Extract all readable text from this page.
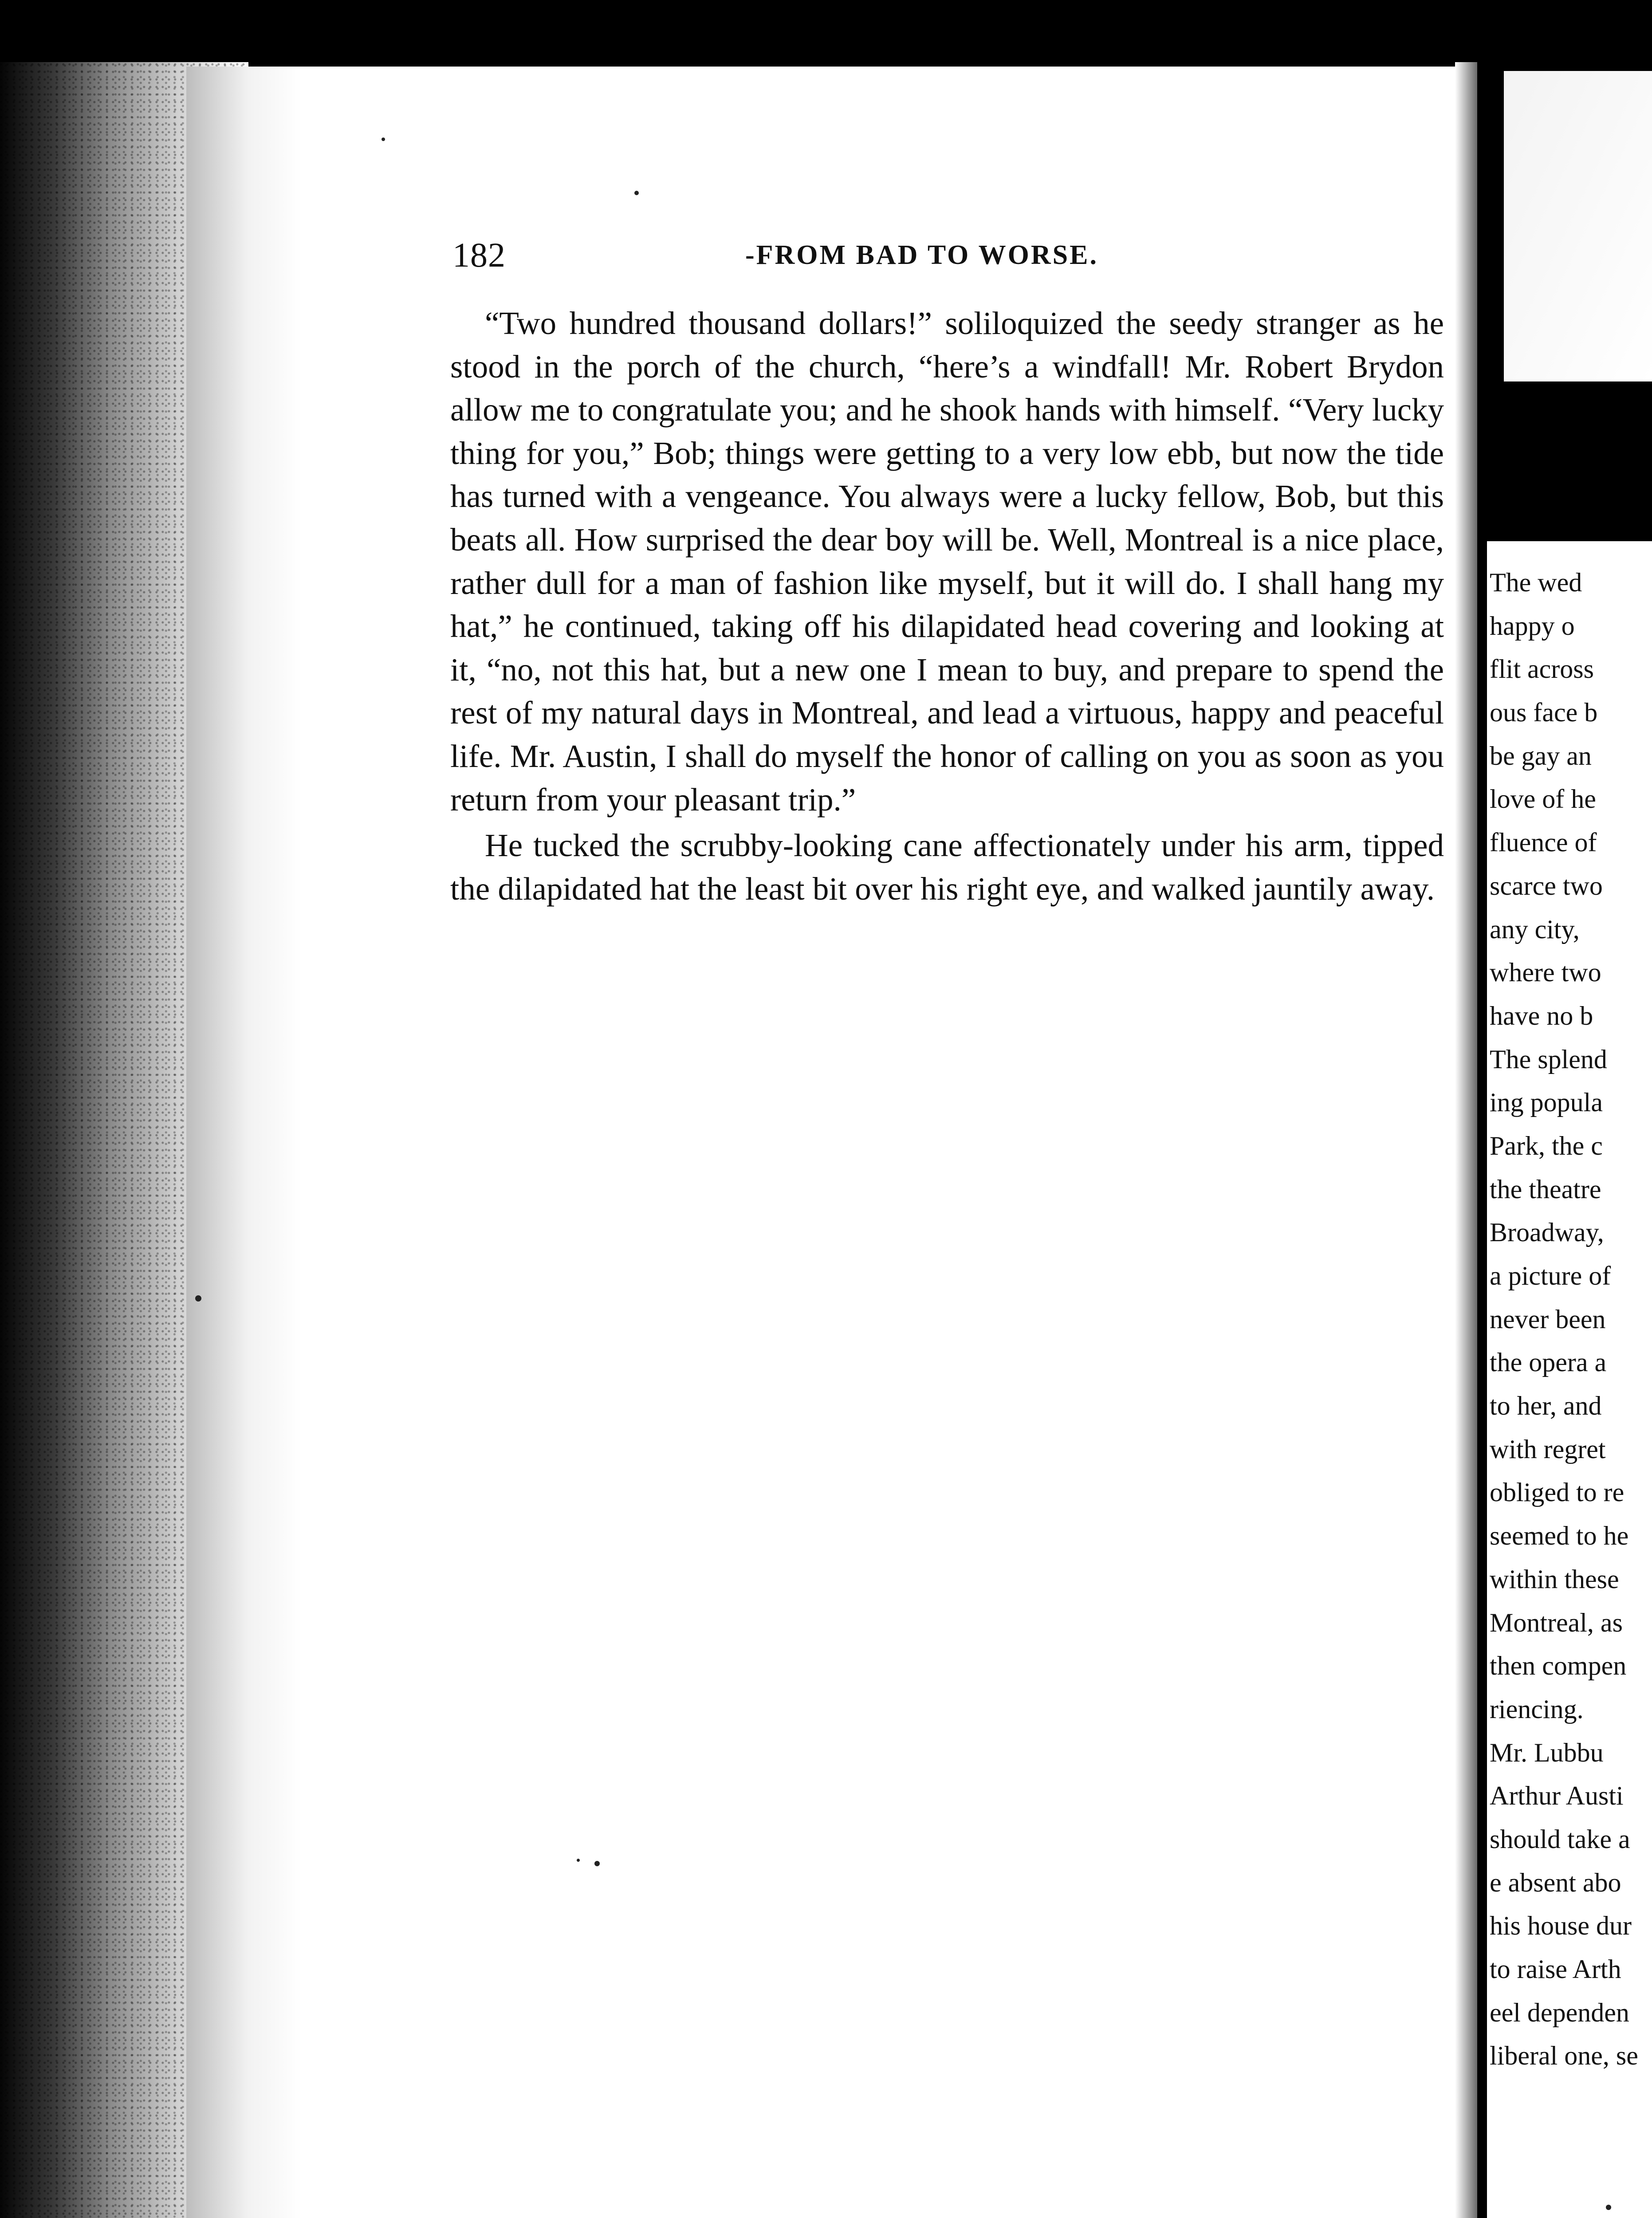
182	-FROM BAD TO WORSE.

“Two hundred thousand dollars!” soliloquized the seedy stranger as he stood in the porch of the church, “here’s a windfall! Mr. Robert Brydon allow me to congratulate you; and he shook hands with himself. “Very lucky thing for you,” Bob; things were getting to a very low ebb, but now the tide has turned with a vengeance. You always were a lucky fellow, Bob, but this beats all. How surprised the dear boy will be. Well, Montreal is a nice place, rather dull for a man of fashion like myself, but it will do. I shall hang my hat,” he continued, taking off his dilapidated head covering and looking at it, “no, not this hat, but a new one I mean to buy, and prepare to spend the rest of my natural days in Montreal, and lead a virtuous, happy and peaceful life. Mr. Austin, I shall do myself the honor of calling on you as soon as you return from your pleasant trip.”

He tucked the scrubby-looking cane affectionately under his arm, tipped the dilapidated hat the least bit over his right eye, and walked jauntily away.

The wed
happy o
flit across
ous face b
be gay an
love of he
fluence of
scarce two
any city,
where two
have no b
The splend
ing popula
Park, the c
the theatre
Broadway,
a picture of
never been
the opera a
to her, and
with regret
obliged to re
seemed to he
within these
Montreal, as
then compen
riencing.
Mr. Lubbu
Arthur Austi
should take a
e absent abo
his house dur
to raise Arth
eel dependen
liberal one, se
